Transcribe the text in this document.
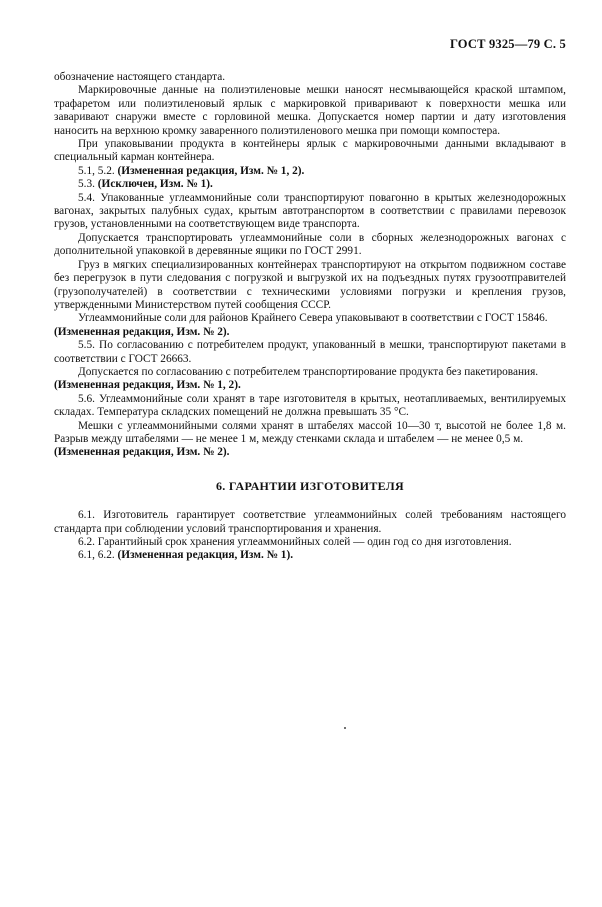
ГОСТ 9325—79 С. 5

обозначение настоящего стандарта.

Маркировочные данные на полиэтиленовые мешки наносят несмывающейся краской штампом, трафаретом или полиэтиленовый ярлык с маркировкой приваривают к поверхности мешка или заваривают снаружи вместе с горловиной мешка. Допускается номер партии и дату изготовления наносить на верхнюю кромку заваренного полиэтиленового мешка при помощи компостера.

При упаковывании продукта в контейнеры ярлык с маркировочными данными вкладывают в специальный карман контейнера.

5.1, 5.2. (Измененная редакция, Изм. № 1, 2).

5.3. (Исключен, Изм. № 1).

5.4. Упакованные углеаммонийные соли транспортируют повагонно в крытых железнодорожных вагонах, закрытых палубных судах, крытым автотранспортом в соответствии с правилами перевозок грузов, установленными на соответствующем виде транспорта.

Допускается транспортировать углеаммонийные соли в сборных железнодорожных вагонах с дополнительной упаковкой в деревянные ящики по ГОСТ 2991.

Груз в мягких специализированных контейнерах транспортируют на открытом подвижном составе без перегрузок в пути следования с погрузкой и выгрузкой их на подъездных путях грузоотправителей (грузополучателей) в соответствии с техническими условиями погрузки и крепления грузов, утвержденными Министерством путей сообщения СССР.

Углеаммонийные соли для районов Крайнего Севера упаковывают в соответствии с ГОСТ 15846.

(Измененная редакция, Изм. № 2).

5.5. По согласованию с потребителем продукт, упакованный в мешки, транспортируют пакетами в соответствии с ГОСТ 26663.

Допускается по согласованию с потребителем транспортирование продукта без пакетирования.

(Измененная редакция, Изм. № 1, 2).

5.6. Углеаммонийные соли хранят в таре изготовителя в крытых, неотапливаемых, вентилируемых складах. Температура складских помещений не должна превышать 35 °С.

Мешки с углеаммонийными солями хранят в штабелях массой 10—30 т, высотой не более 1,8 м. Разрыв между штабелями — не менее 1 м, между стенками склада и штабелем — не менее 0,5 м.

(Измененная редакция, Изм. № 2).

6. ГАРАНТИИ ИЗГОТОВИТЕЛЯ

6.1. Изготовитель гарантирует соответствие углеаммонийных солей требованиям настоящего стандарта при соблюдении условий транспортирования и хранения.

6.2. Гарантийный срок хранения углеаммонийных солей — один год со дня изготовления.

6.1, 6.2. (Измененная редакция, Изм. № 1).
